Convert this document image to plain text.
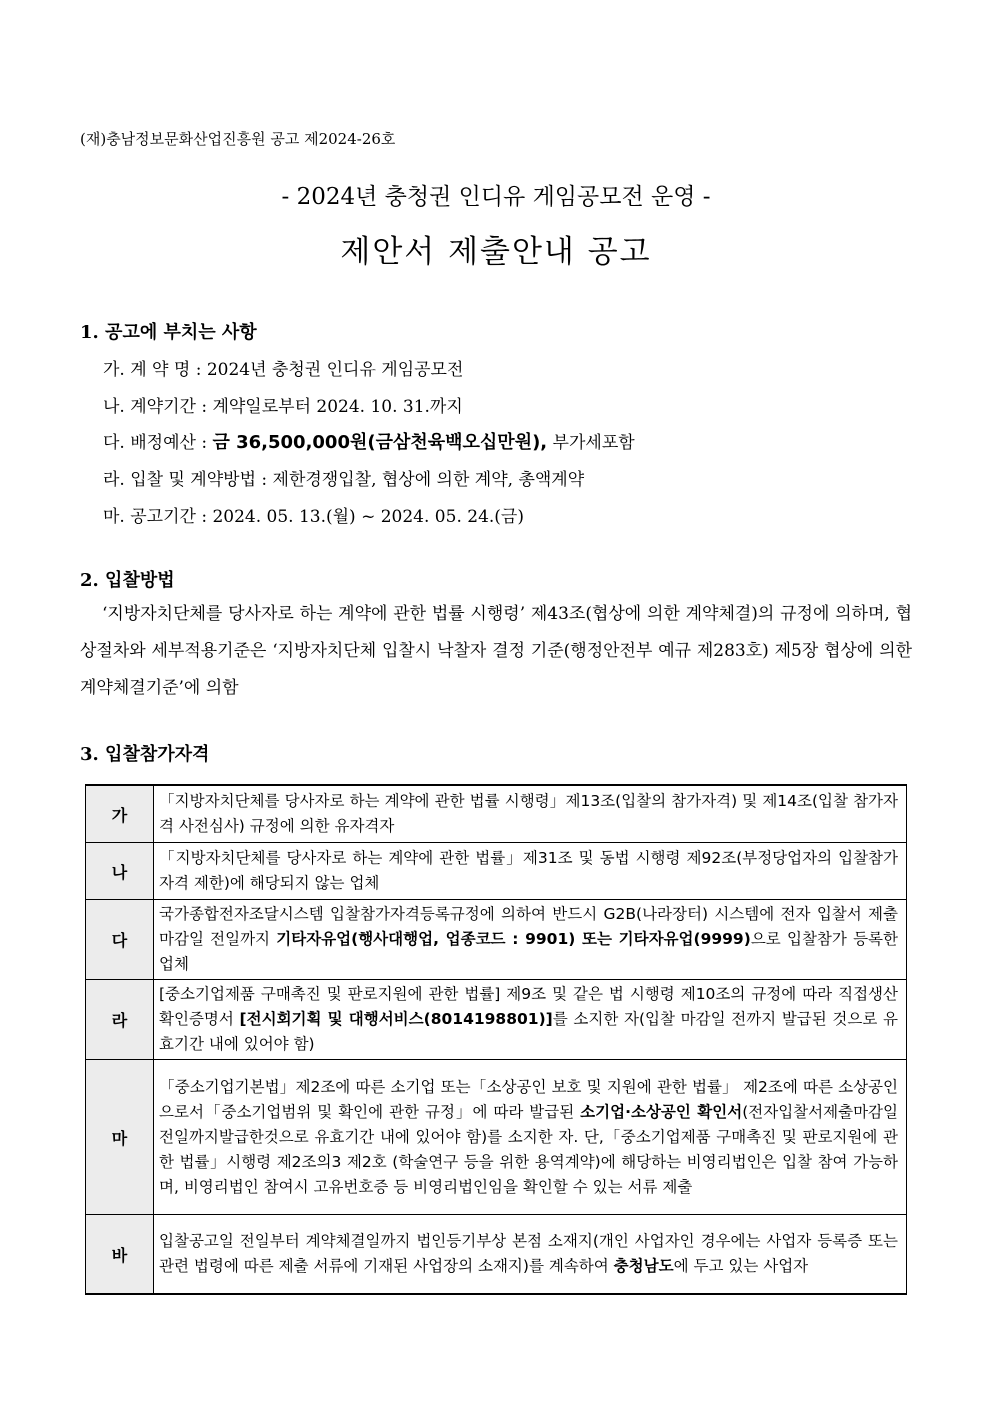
(재)충남정보문화산업진흥원 공고 제2024-26호
- 2024년 충청권 인디유 게임공모전 운영 -
제안서 제출안내 공고
1. 공고에 부치는 사항
가. 계 약 명 : 2024년 충청권 인디유 게임공모전
나. 계약기간 : 계약일로부터 2024. 10. 31.까지
다. 배정예산 : 금 36,500,000원(금삼천육백오십만원), 부가세포함
라. 입찰 및 계약방법 : 제한경쟁입찰, 협상에 의한 계약, 총액계약
마. 공고기간 : 2024. 05. 13.(월) ~ 2024. 05. 24.(금)
2. 입찰방법
‘지방자치단체를 당사자로 하는 계약에 관한 법률 시행령’ 제43조(협상에 의한 계약체결)의 규정에 의하며, 협상절차와 세부적용기준은 ‘지방자치단체 입찰시 낙찰자 결정 기준(행정안전부 예규 제283호) 제5장 협상에 의한 계약체결기준’에 의함
3. 입찰참가자격
가	「지방자치단체를 당사자로 하는 계약에 관한 법률 시행령」제13조(입찰의 참가자격) 및 제14조(입찰 참가자격 사전심사) 규정에 의한 유자격자
나	「지방자치단체를 당사자로 하는 계약에 관한 법률」제31조 및 동법 시행령 제92조(부정당업자의 입찰참가자격 제한)에 해당되지 않는 업체
다	국가종합전자조달시스템 입찰참가자격등록규정에 의하여 반드시 G2B(나라장터) 시스템에 전자 입찰서 제출 마감일 전일까지 기타자유업(행사대행업, 업종코드 : 9901) 또는 기타자유업(9999)으로 입찰참가 등록한 업체
라	[중소기업제품 구매촉진 및 판로지원에 관한 법률] 제9조 및 같은 법 시행령 제10조의 규정에 따라 직접생산확인증명서 [전시회기획 및 대행서비스(8014198801)]를 소지한 자(입찰 마감일 전까지 발급된 것으로 유효기간 내에 있어야 함)
마	「중소기업기본법」제2조에 따른 소기업 또는「소상공인 보호 및 지원에 관한 법률」 제2조에 따른 소상공인으로서「중소기업범위 및 확인에 관한 규정」에 따라 발급된 소기업·소상공인 확인서(전자입찰서제출마감일전일까지발급한것으로 유효기간 내에 있어야 함)를 소지한 자. 단,「중소기업제품 구매촉진 및 판로지원에 관한 법률」시행령 제2조의3 제2호 (학술연구 등을 위한 용역계약)에 해당하는 비영리법인은 입찰 참여 가능하며, 비영리법인 참여시 고유번호증 등 비영리법인임을 확인할 수 있는 서류 제출
바	입찰공고일 전일부터 계약체결일까지 법인등기부상 본점 소재지(개인 사업자인 경우에는 사업자 등록증 또는 관련 법령에 따른 제출 서류에 기재된 사업장의 소재지)를 계속하여 충청남도에 두고 있는 사업자
